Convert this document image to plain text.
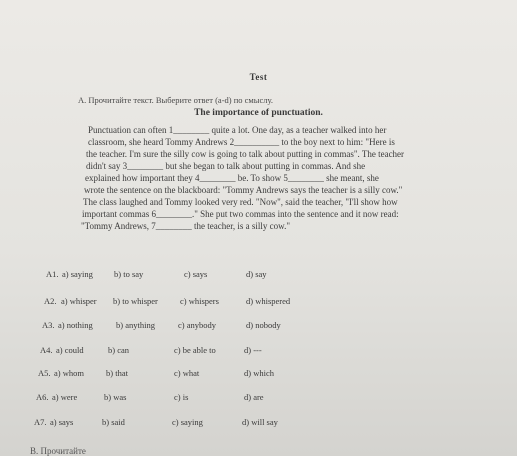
Test
A. Прочитайте текст. Выберите ответ (a-d) по смыслу.
The importance of punctuation.
Punctuation can often 1________ quite a lot. One day, as a teacher walked into her
classroom, she heard Tommy Andrews 2__________ to the boy next to him: "Here is
the teacher. I'm sure the silly cow is going to talk about putting in commas". The teacher
didn't say 3________ but she began to talk about putting in commas. And she
explained how important they 4________ be. To show 5________ she meant, she
wrote the sentence on the blackboard: "Tommy Andrews says the teacher is a silly cow."
The class laughed and Tommy looked very red. "Now", said the teacher, "I'll show how
important commas 6________." She put two commas into the sentence and it now read:
"Tommy Andrews, 7________ the teacher, is a silly cow."
A1. a) saying b) to say	c) says	d) say
A2. a) whisper b) to whisper	c) whispers	d) whispered
A3. a) nothing	b) anything	c) anybody	d) nobody
A4. a) could	b) can	c) be able to	d) ---
A5. a) whom	b) that	c) what	d) which
A6. a) were	b) was	c) is	d) are
A7. a) says	b) said	c) saying	d) will say
B. Прочитайте
